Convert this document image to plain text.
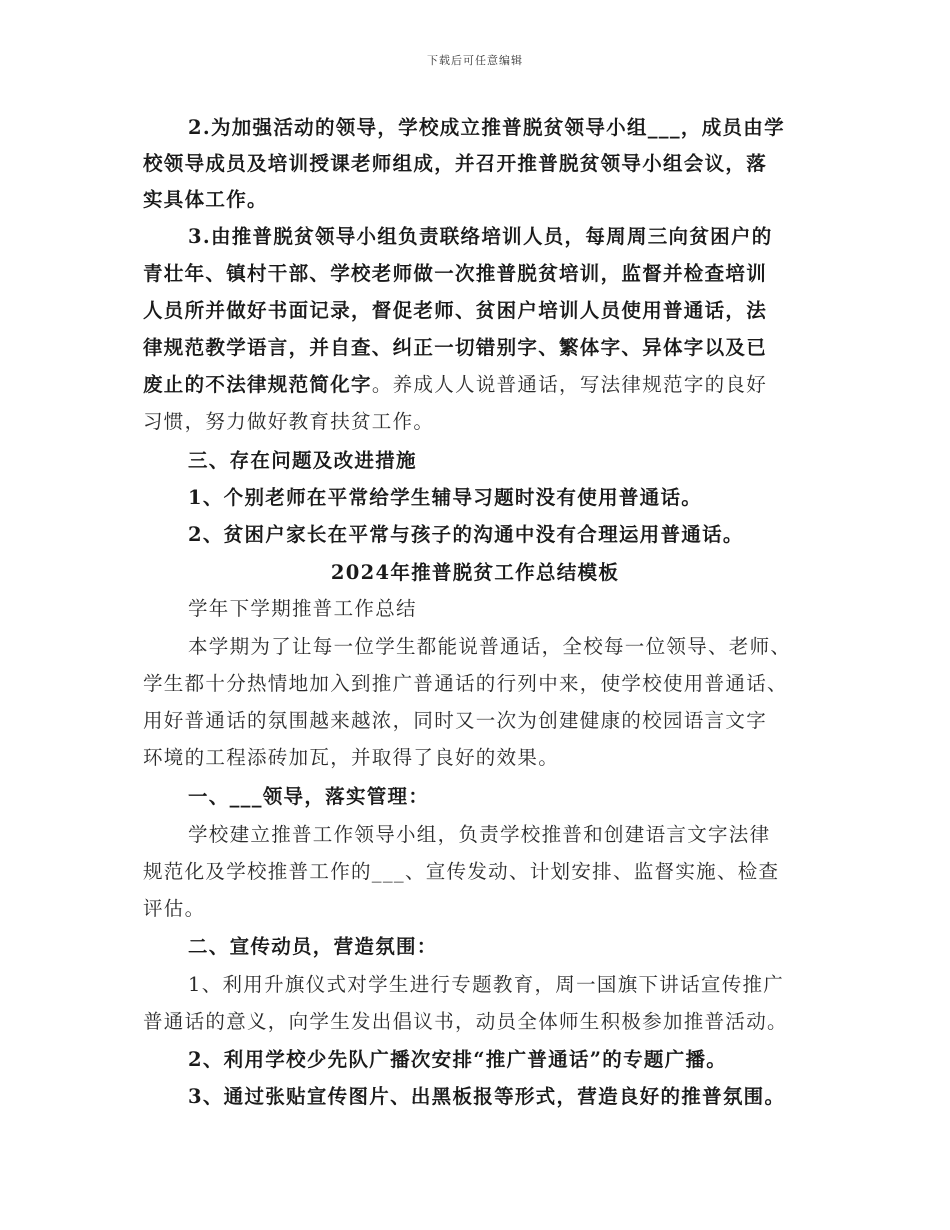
下载后可任意编辑
2.为加强活动的领导，学校成立推普脱贫领导小组___，成员由学
校领导成员及培训授课老师组成，并召开推普脱贫领导小组会议，落
实具体工作。
3.由推普脱贫领导小组负责联络培训人员，每周周三向贫困户的
青壮年、镇村干部、学校老师做一次推普脱贫培训，监督并检查培训
人员所并做好书面记录，督促老师、贫困户培训人员使用普通话，法
律规范教学语言，并自查、纠正一切错别字、繁体字、异体字以及已
废止的不法律规范简化字。养成人人说普通话，写法律规范字的良好
习惯，努力做好教育扶贫工作。
三、存在问题及改进措施
1、个别老师在平常给学生辅导习题时没有使用普通话。
2、贫困户家长在平常与孩子的沟通中没有合理运用普通话。
2024年推普脱贫工作总结模板
学年下学期推普工作总结
本学期为了让每一位学生都能说普通话，全校每一位领导、老师、
学生都十分热情地加入到推广普通话的行列中来，使学校使用普通话、
用好普通话的氛围越来越浓，同时又一次为创建健康的校园语言文字
环境的工程添砖加瓦，并取得了良好的效果。
一、___领导，落实管理：
学校建立推普工作领导小组，负责学校推普和创建语言文字法律
规范化及学校推普工作的___、宣传发动、计划安排、监督实施、检查
评估。
二、宣传动员，营造氛围：
1、利用升旗仪式对学生进行专题教育，周一国旗下讲话宣传推广
普通话的意义，向学生发出倡议书，动员全体师生积极参加推普活动。
2、利用学校少先队广播次安排“推广普通话”的专题广播。
3、通过张贴宣传图片、出黑板报等形式，营造良好的推普氛围。
